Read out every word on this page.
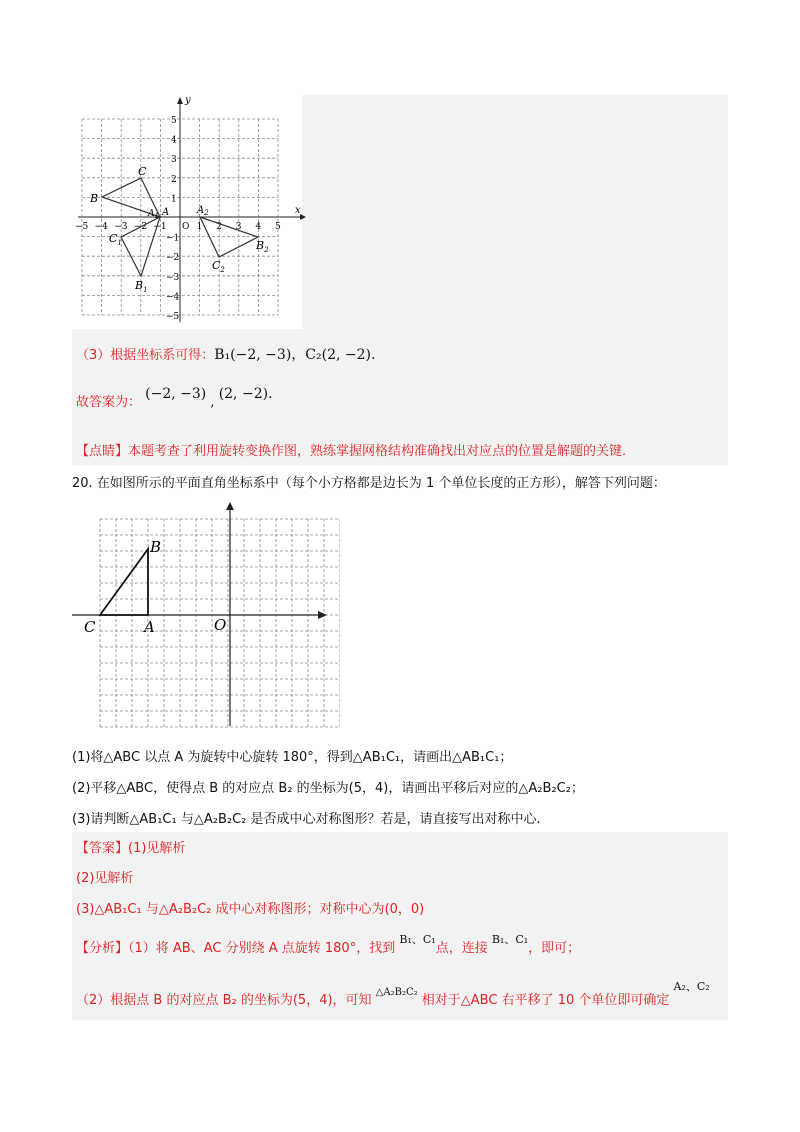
x
y
−5 −4 −3 −2 −1	1 2 3 4 5
5
4
3
2
1
−1
−2
−3
−4
−5
O
B
C
A
$A_1$
$C_1$
$B_1$
$A_2$
$B_2$
$C_2$
（3）根据坐标系可得：B₁(−2, −3)，C₂(2, −2).
故答案为： (−2, −3) , (2, −2).
【点睛】本题考查了利用旋转变换作图，熟练掌握网格结构准确找出对应点的位置是解题的关键.
20. 在如图所示的平面直角坐标系中（每个小方格都是边长为 1 个单位长度的正方形），解答下列问题：
B
C	A	O
(1)将△ABC 以点 A 为旋转中心旋转 180°，得到△AB₁C₁，请画出△AB₁C₁；
(2)平移△ABC，使得点 B 的对应点 B₂ 的坐标为(5，4)，请画出平移后对应的△A₂B₂C₂；
(3)请判断△AB₁C₁ 与△A₂B₂C₂ 是否成中心对称图形？若是，请直接写出对称中心.
【答案】(1)见解析
(2)见解析
(3)△AB₁C₁ 与△A₂B₂C₂ 成中心对称图形；对称中心为(0，0)
【分析】（1）将 AB、AC 分别绕 A 点旋转 180°，找到 $^{B_1、C_1}$点，连接 $^{B_1、C_1}$，即可；
（2）根据点 B 的对应点 B₂ 的坐标为(5，4)，可知 $^{\triangle A_2B_2C_2}$ 相对于△ABC 右平移了 10 个单位即可确定 $^{A_2、C_2}$
